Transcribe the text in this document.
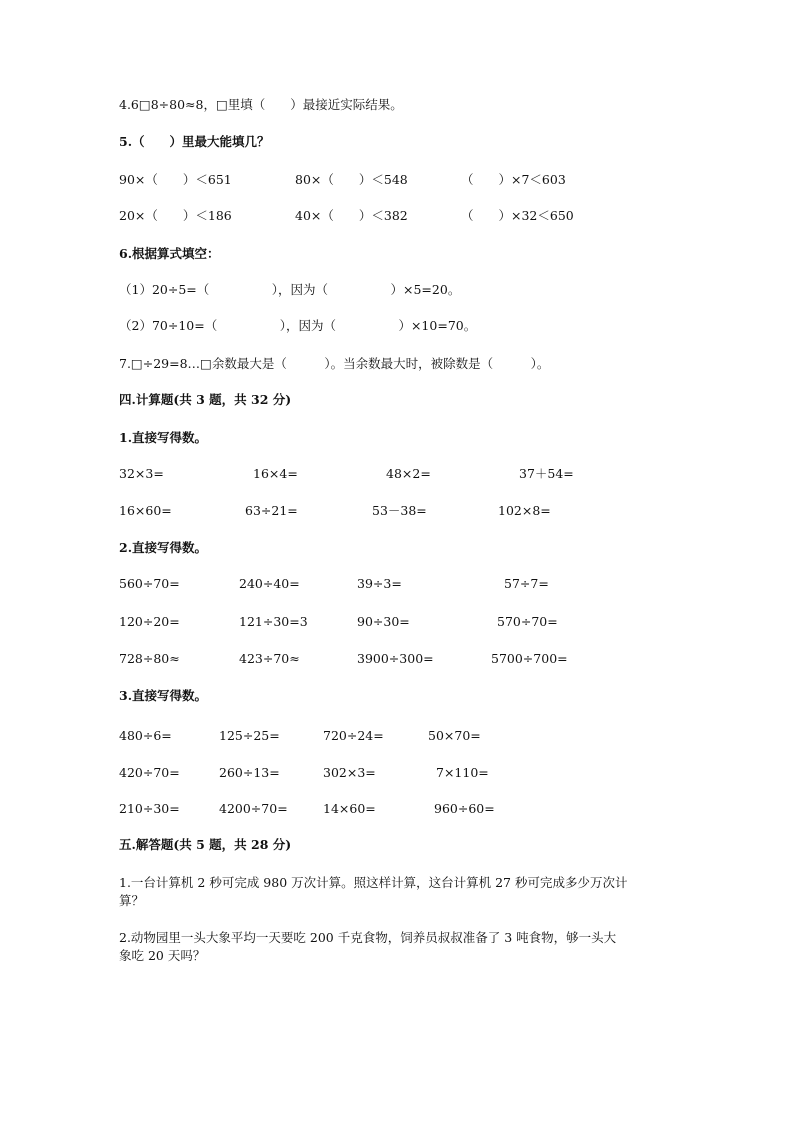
4.6□8÷80≈8，□里填（　　）最接近实际结果。
5.（　　）里最大能填几？
90×（　　）＜651	80×（　　）＜548	（　　）×7＜603
20×（　　）＜186	40×（　　）＜382	（　　）×32＜650
6.根据算式填空：
（1）20÷5=（　　　　　），因为（　　　　　）×5=20。
（2）70÷10=（　　　　　），因为（　　　　　）×10=70。
7.□÷29=8…□余数最大是（　　　）。当余数最大时，被除数是（　　　）。
四.计算题(共 3 题，共 32 分)
1.直接写得数。
32×3=	16×4=	48×2=	37＋54=
16×60=	63÷21=	53－38=	102×8=
2.直接写得数。
560÷70=	240÷40=	39÷3=	57÷7=
120÷20=	121÷30=3	90÷30=	570÷70=
728÷80≈	423÷70≈	3900÷300=	5700÷700=
3.直接写得数。
480÷6=	125÷25=	720÷24=	50×70=
420÷70=	260÷13=	302×3=	7×110=
210÷30=	4200÷70=	14×60=	960÷60=
五.解答题(共 5 题，共 28 分)
1.一台计算机 2 秒可完成 980 万次计算。照这样计算，这台计算机 27 秒可完成多少万次计
算？
2.动物园里一头大象平均一天要吃 200 千克食物，饲养员叔叔准备了 3 吨食物，够一头大
象吃 20 天吗？
